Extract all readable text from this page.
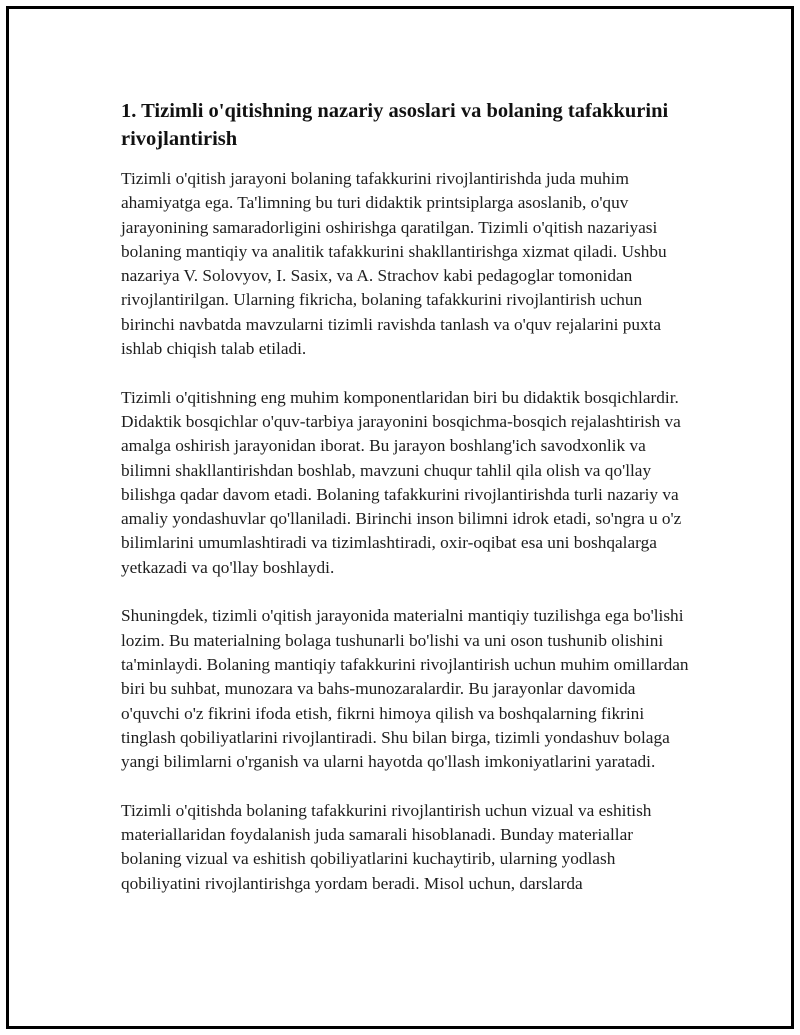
1. Tizimli o'qitishning nazariy asoslari va bolaning tafakkurini rivojlantirish

Tizimli o'qitish jarayoni bolaning tafakkurini rivojlantirishda juda muhim ahamiyatga ega. Ta'limning bu turi didaktik printsiplarga asoslanib, o'quv jarayonining samaradorligini oshirishga qaratilgan. Tizimli o'qitish nazariyasi bolaning mantiqiy va analitik tafakkurini shakllantirishga xizmat qiladi. Ushbu nazariya V. Solovyov, I. Sasix, va A. Strachov kabi pedagoglar tomonidan rivojlantirilgan. Ularning fikricha, bolaning tafakkurini rivojlantirish uchun birinchi navbatda mavzularni tizimli ravishda tanlash va o'quv rejalarini puxta ishlab chiqish talab etiladi.

Tizimli o'qitishning eng muhim komponentlaridan biri bu didaktik bosqichlardir. Didaktik bosqichlar o'quv-tarbiya jarayonini bosqichma-bosqich rejalashtirish va amalga oshirish jarayonidan iborat. Bu jarayon boshlang'ich savodxonlik va bilimni shakllantirishdan boshlab, mavzuni chuqur tahlil qila olish va qo'llay bilishga qadar davom etadi. Bolaning tafakkurini rivojlantirishda turli nazariy va amaliy yondashuvlar qo'llaniladi. Birinchi inson bilimni idrok etadi, so'ngra u o'z bilimlarini umumlashtiradi va tizimlashtiradi, oxir-oqibat esa uni boshqalarga yetkazadi va qo'llay boshlaydi.

Shuningdek, tizimli o'qitish jarayonida materialni mantiqiy tuzilishga ega bo'lishi lozim. Bu materialning bolaga tushunarli bo'lishi va uni oson tushunib olishini ta'minlaydi. Bolaning mantiqiy tafakkurini rivojlantirish uchun muhim omillardan biri bu suhbat, munozara va bahs-munozaralardir. Bu jarayonlar davomida o'quvchi o'z fikrini ifoda etish, fikrni himoya qilish va boshqalarning fikrini tinglash qobiliyatlarini rivojlantiradi. Shu bilan birga, tizimli yondashuv bolaga yangi bilimlarni o'rganish va ularni hayotda qo'llash imkoniyatlarini yaratadi.

Tizimli o'qitishda bolaning tafakkurini rivojlantirish uchun vizual va eshitish materiallaridan foydalanish juda samarali hisoblanadi. Bunday materiallar bolaning vizual va eshitish qobiliyatlarini kuchaytirib, ularning yodlash qobiliyatini rivojlantirishga yordam beradi. Misol uchun, darslarda
